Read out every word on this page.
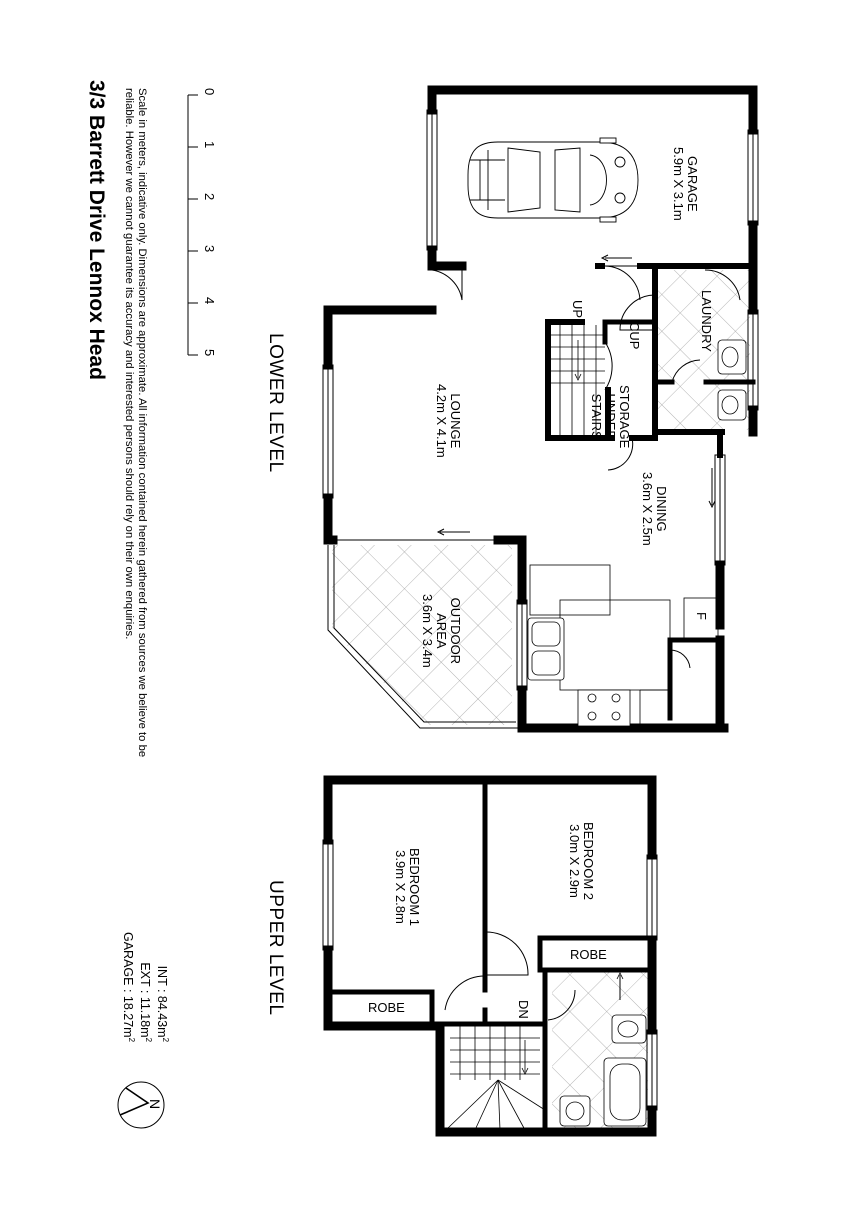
3/3 Barrett Drive Lennox Head	Scale in meters, indicative only. Dimensions are approximate. All information contained herein gathered from sources we believe to be reliable. However we cannot guarantee its accuracy and interested persons should rely on their own enquiries.	0
1
2
3
4
5	LOWER LEVEL
UPPER LEVEL
GARAGE
5.9m X 3.1m
LAUNDRY
CUP
UP
STORAGE
UNDER
STAIRS
LOUNGE
4.2m X 4.1m
DINING
3.6m X 2.5m
OUTDOOR
AREA
3.6m X 3.4m	F
BEDROOM 2
3.0m X 2.9m
BEDROOM 1
3.9m X 2.8m
ROBE
ROBE
DN
INT : $84.43m^2$
EXT : $11.18m^2$
GARAGE : $18.27m^2$
N
